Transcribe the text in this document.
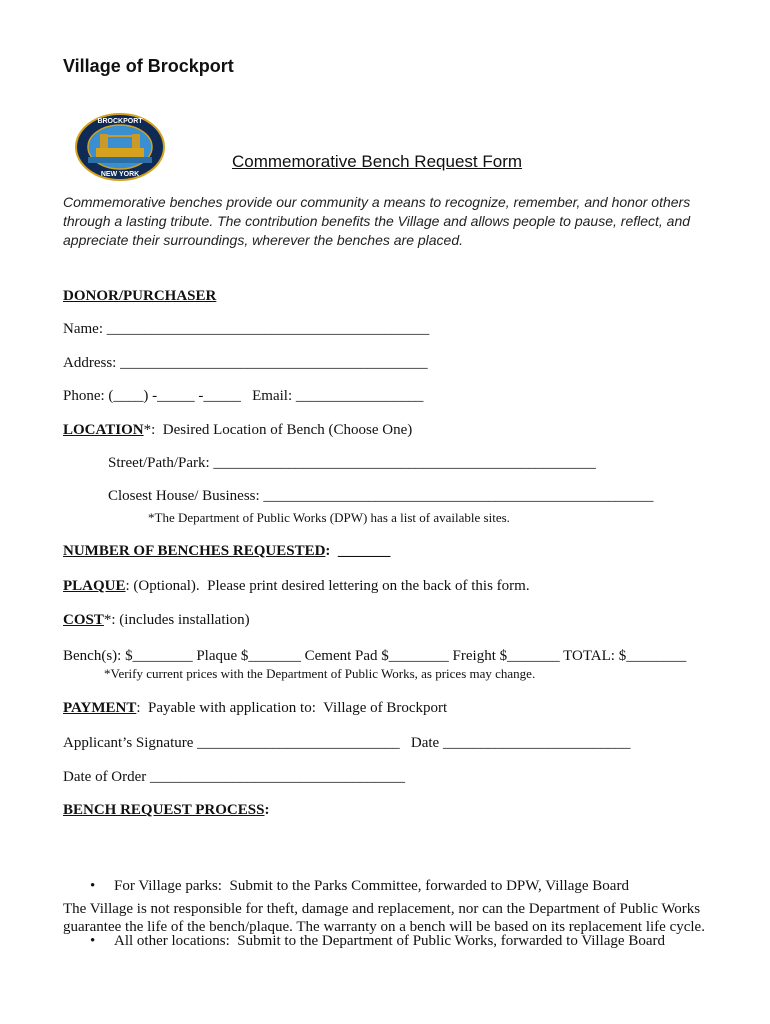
Village of Brockport

BROCKPORT
NEW YORK

Commemorative Bench Request Form
Commemorative benches provide our community a means to recognize, remember, and honor others through a lasting tribute. The contribution benefits the Village and allows people to pause, reflect, and appreciate their surroundings, wherever the benches are placed.
DONOR/PURCHASER
Name: ___________________________________________
Address: _________________________________________
Phone: (____) -_____ -_____   Email: _________________
LOCATION*:  Desired Location of Bench (Choose One)
Street/Path/Park: ___________________________________________________
Closest House/ Business: ____________________________________________________
*The Department of Public Works (DPW) has a list of available sites.
NUMBER OF BENCHES REQUESTED:  _______
PLAQUE: (Optional).  Please print desired lettering on the back of this form.
COST*: (includes installation)
Bench(s): $________ Plaque $_______ Cement Pad $________ Freight $_______ TOTAL: $________
*Verify current prices with the Department of Public Works, as prices may change.
PAYMENT:  Payable with application to:  Village of Brockport
Applicant’s Signature ___________________________   Date _________________________
Date of Order __________________________________
BENCH REQUEST PROCESS:

• For Village parks:  Submit to the Parks Committee, forwarded to DPW, Village Board

• All other locations:  Submit to the Department of Public Works, forwarded to Village Board

The Village is not responsible for theft, damage and replacement, nor can the Department of Public Works guarantee the life of the bench/plaque. The warranty on a bench will be based on its replacement life cycle.
